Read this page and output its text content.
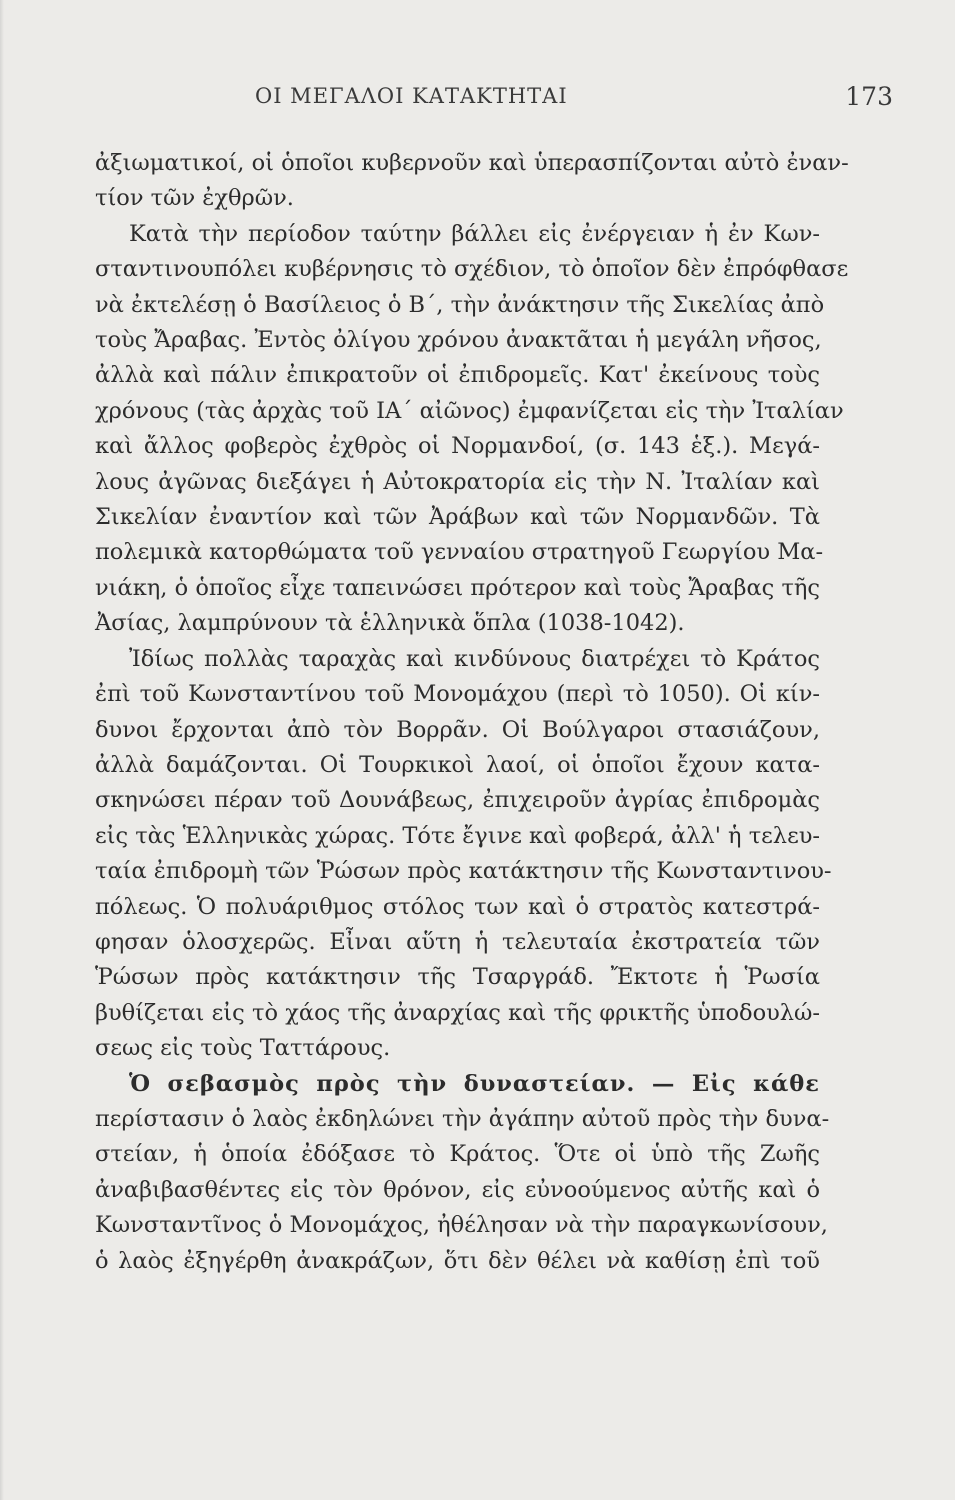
ΟΙ ΜΕΓΑΛΟΙ ΚΑΤΑΚΤΗΤΑΙ	173
ἀξιωματικοί, οἱ ὁποῖοι κυβερνοῦν καὶ ὑπερασπίζονται αὐτὸ ἐναν-
τίον τῶν ἐχθρῶν.
Κατὰ τὴν περίοδον ταύτην βάλλει εἰς ἐνέργειαν ἡ ἐν Κων-
σταντινουπόλει κυβέρνησις τὸ σχέδιον, τὸ ὁποῖον δὲν ἐπρόφθασε
νὰ ἐκτελέσῃ ὁ Βασίλειος ὁ Β΄, τὴν ἀνάκτησιν τῆς Σικελίας ἀπὸ
τοὺς Ἄραβας. Ἐντὸς ὀλίγου χρόνου ἀνακτᾶται ἡ μεγάλη νῆσος,
ἀλλὰ καὶ πάλιν ἐπικρατοῦν οἱ ἐπιδρομεῖς. Κατ' ἐκείνους τοὺς
χρόνους (τὰς ἀρχὰς τοῦ ΙΑ΄ αἰῶνος) ἐμφανίζεται εἰς τὴν Ἰταλίαν
καὶ ἄλλος φοβερὸς ἐχθρὸς οἱ Νορμανδοί, (σ. 143 ἑξ.). Μεγά-
λους ἀγῶνας διεξάγει ἡ Αὐτοκρατορία εἰς τὴν Ν. Ἰταλίαν καὶ
Σικελίαν ἐναντίον καὶ τῶν Ἀράβων καὶ τῶν Νορμανδῶν. Τὰ
πολεμικὰ κατορθώματα τοῦ γενναίου στρατηγοῦ Γεωργίου Μα-
νιάκη, ὁ ὁποῖος εἶχε ταπεινώσει πρότερον καὶ τοὺς Ἄραβας τῆς
Ἀσίας, λαμπρύνουν τὰ ἑλληνικὰ ὅπλα (1038-1042).
Ἰδίως πολλὰς ταραχὰς καὶ κινδύνους διατρέχει τὸ Κράτος
ἐπὶ τοῦ Κωνσταντίνου τοῦ Μονομάχου (περὶ τὸ 1050). Οἱ κίν-
δυνοι ἔρχονται ἀπὸ τὸν Βορρᾶν. Οἱ Βούλγαροι στασιάζουν,
ἀλλὰ δαμάζονται. Οἱ Τουρκικοὶ λαοί, οἱ ὁποῖοι ἔχουν κατα-
σκηνώσει πέραν τοῦ Δουνάβεως, ἐπιχειροῦν ἀγρίας ἐπιδρομὰς
εἰς τὰς Ἑλληνικὰς χώρας. Τότε ἔγινε καὶ φοβερά, ἀλλ' ἡ τελευ-
ταία ἐπιδρομὴ τῶν Ῥώσων πρὸς κατάκτησιν τῆς Κωνσταντινου-
πόλεως. Ὁ πολυάριθμος στόλος των καὶ ὁ στρατὸς κατεστρά-
φησαν ὁλοσχερῶς. Εἶναι αὕτη ἡ τελευταία ἐκστρατεία τῶν
Ῥώσων πρὸς κατάκτησιν τῆς Τσαργράδ. Ἔκτοτε ἡ Ῥωσία
βυθίζεται εἰς τὸ χάος τῆς ἀναρχίας καὶ τῆς φρικτῆς ὑποδουλώ-
σεως εἰς τοὺς Ταττάρους.
Ὁ σεβασμὸς πρὸς τὴν δυναστείαν. — Εἰς κάθε
περίστασιν ὁ λαὸς ἐκδηλώνει τὴν ἀγάπην αὐτοῦ πρὸς τὴν δυνα-
στείαν, ἡ ὁποία ἐδόξασε τὸ Κράτος. Ὅτε οἱ ὑπὸ τῆς Ζωῆς
ἀναβιβασθέντες εἰς τὸν θρόνον, εἰς εὐνοούμενος αὐτῆς καὶ ὁ
Κωνσταντῖνος ὁ Μονομάχος, ἠθέλησαν νὰ τὴν παραγκωνίσουν,
ὁ λαὸς ἐξηγέρθη ἀνακράζων, ὅτι δὲν θέλει νὰ καθίσῃ ἐπὶ τοῦ
